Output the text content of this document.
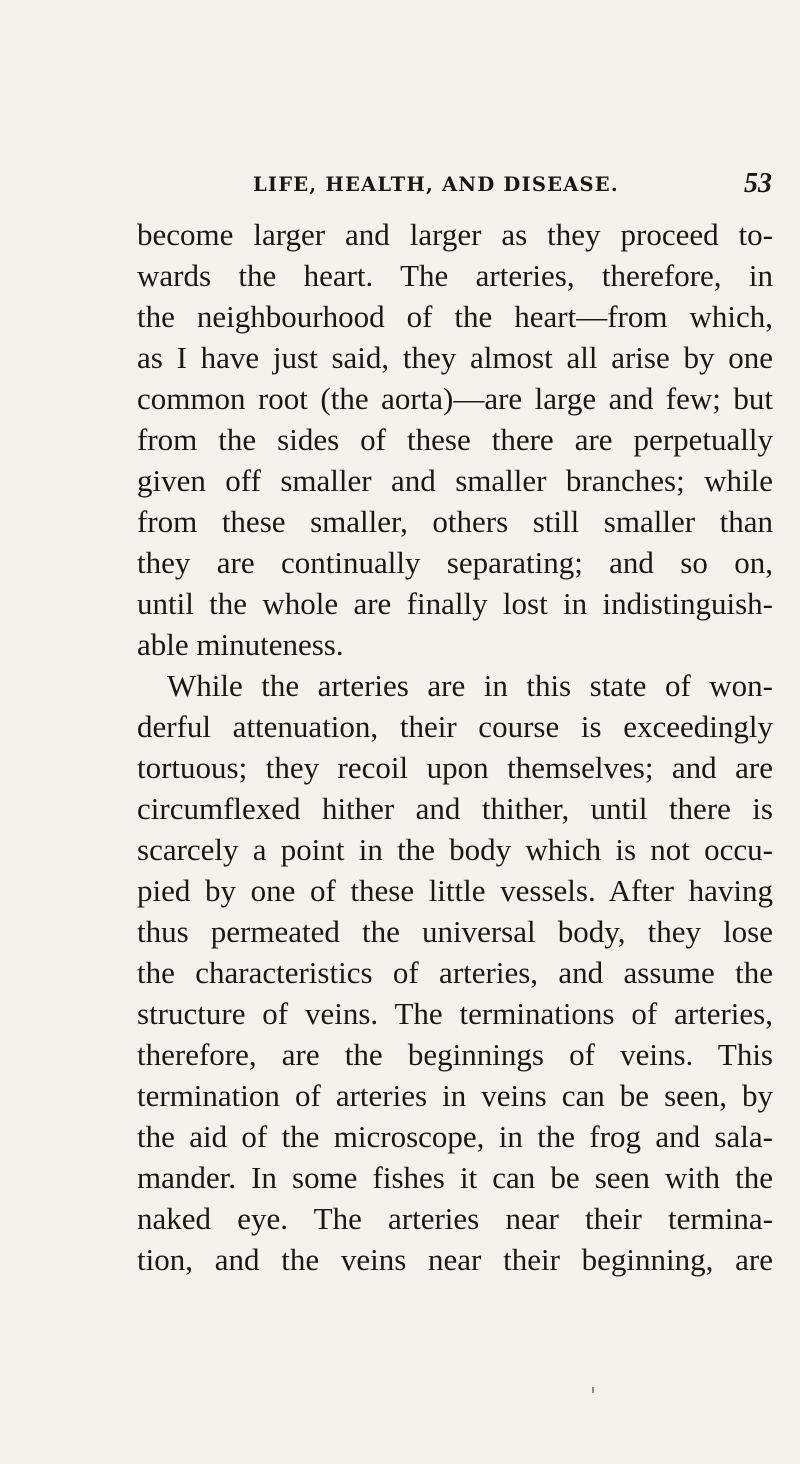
LIFE, HEALTH, AND DISEASE.	53
become larger and larger as they proceed to-
wards the heart. The arteries, therefore, in
the neighbourhood of the heart—from which,
as I have just said, they almost all arise by one
common root (the aorta)—are large and few; but
from the sides of these there are perpetually
given off smaller and smaller branches; while
from these smaller, others still smaller than
they are continually separating; and so on,
until the whole are finally lost in indistinguish-
able minuteness.
While the arteries are in this state of won-
derful attenuation, their course is exceedingly
tortuous; they recoil upon themselves; and are
circumflexed hither and thither, until there is
scarcely a point in the body which is not occu-
pied by one of these little vessels. After having
thus permeated the universal body, they lose
the characteristics of arteries, and assume the
structure of veins. The terminations of arteries,
therefore, are the beginnings of veins. This
termination of arteries in veins can be seen, by
the aid of the microscope, in the frog and sala-
mander. In some fishes it can be seen with the
naked eye. The arteries near their termina-
tion, and the veins near their beginning, are
